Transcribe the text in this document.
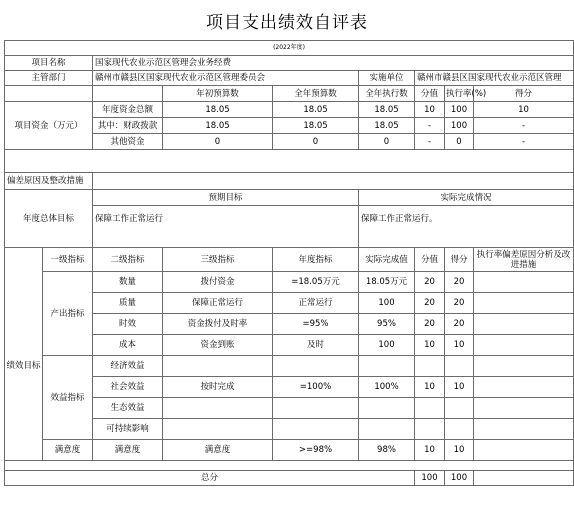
项目支出绩效自评表
(2022年度)								
项目名称		国家现代农业示范区管理会业务经费						
主管部门		赣州市赣县区国家现代农业示范区管理委员会			实施单位	赣州市赣县区国家现代农业示范区管理		
			年初预算数	全年预算数	全年执行数	分值	执行率(%)	得分
项目资金（万元）		年度资金总额	18.05	18.05	18.05	10	100	10
		其中：财政拨款	18.05	18.05	18.05	-	100	-
		其他资金	0	0	0	-	0	-

偏差原因及整改措施								
年度总体目标		预期目标			实际完成情况			
		保障工作正常运行			保障工作正常运行。			

	一级指标	二级指标	三级指标	年度指标	实际完成值	分值	得分	执行率偏差原因分析及改进措施
绩效目标	产出指标	数量	拨付资金	=18.05万元	18.05万元	20	20	
		质量	保障正常运行	正常运行	100	20	20	
		时效	资金拨付及时率	=95%	95%	20	20	
		成本	资金到账	及时	100	10	10	
	效益指标	经济效益						
		社会效益	按时完成	=100%	100%	10	10	
		生态效益						
		可持续影响						
	满意度	满意度	满意度	>=98%	98%	10	10	

总分						100	100	
